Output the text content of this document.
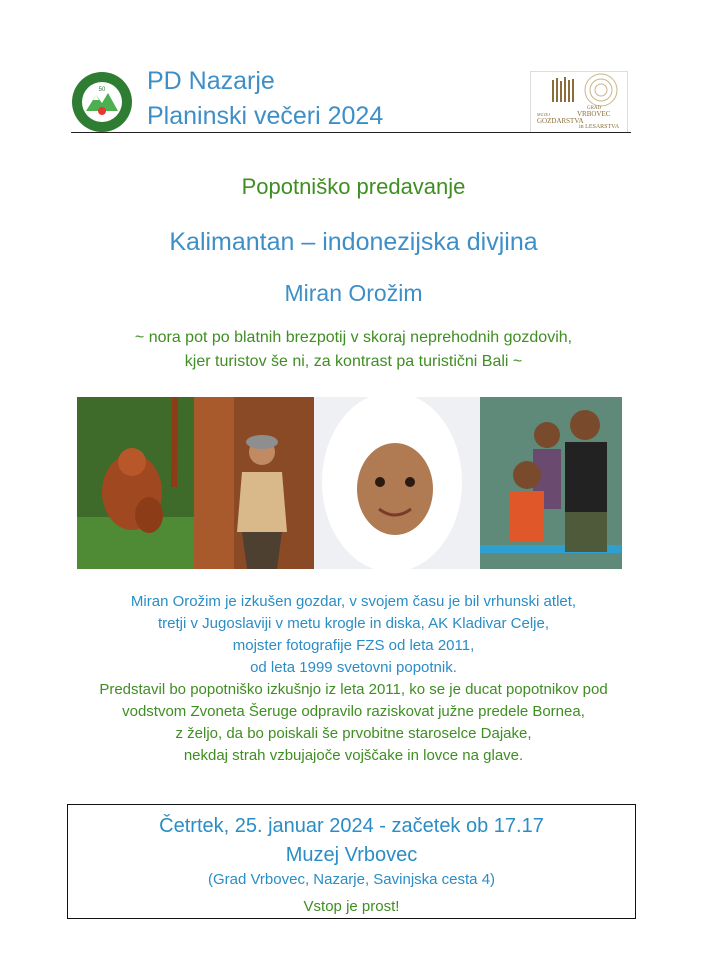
50 PD Nazarje
Planinski večeri 2024	GRAD
VRBOVEC
MUZEJ
GOZDARSTVA
in LESARSTVA
Popotniško predavanje
Kalimantan – indonezijska divjina
Miran Orožim
~ nora pot po blatnih brezpotij v skoraj neprehodnih gozdovih,
kjer turistov še ni, za kontrast pa turistični Bali ~
Miran Orožim je izkušen gozdar, v svojem času je bil vrhunski atlet,
tretji v Jugoslaviji v metu krogle in diska, AK Kladivar Celje,
mojster fotografije FZS od leta 2011,
od leta 1999 svetovni popotnik.
Predstavil bo popotniško izkušnjo iz leta 2011, ko se je ducat popotnikov pod
vodstvom Zvoneta Šeruge odpravilo raziskovat južne predele Bornea,
z željo, da bo poiskali še prvobitne staroselce Dajake,
nekdaj strah vzbujajoče vojščake in lovce na glave.
Četrtek, 25. januar 2024 - začetek ob 17.17
Muzej Vrbovec
(Grad Vrbovec, Nazarje, Savinjska cesta 4)
Vstop je prost!
